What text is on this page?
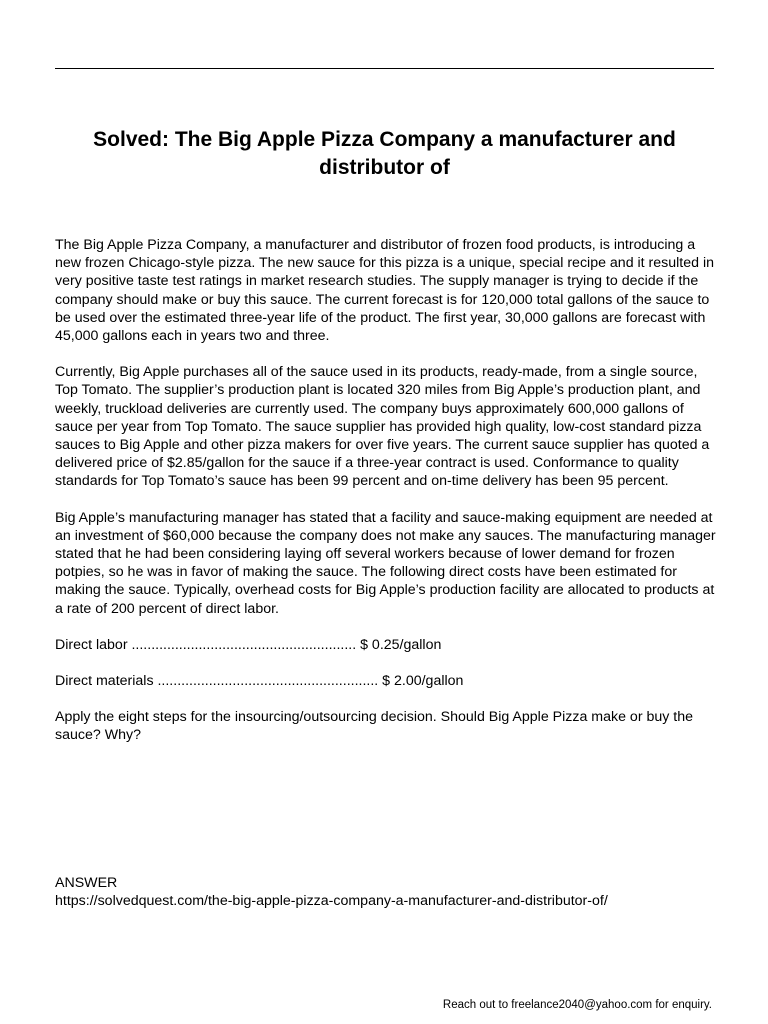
Solved: The Big Apple Pizza Company a manufacturer and distributor of

The Big Apple Pizza Company, a manufacturer and distributor of frozen food products, is introducing a new frozen Chicago-style pizza. The new sauce for this pizza is a unique, special recipe and it resulted in very positive taste test ratings in market research studies. The supply manager is trying to decide if the company should make or buy this sauce. The current forecast is for 120,000 total gallons of the sauce to be used over the estimated three-year life of the product. The first year, 30,000 gallons are forecast with 45,000 gallons each in years two and three.

Currently, Big Apple purchases all of the sauce used in its products, ready-made, from a single source, Top Tomato. The supplier’s production plant is located 320 miles from Big Apple’s production plant, and weekly, truckload deliveries are currently used. The company buys approximately 600,000 gallons of sauce per year from Top Tomato. The sauce supplier has provided high quality, low-cost standard pizza sauces to Big Apple and other pizza makers for over five years. The current sauce supplier has quoted a delivered price of $2.85/gallon for the sauce if a three-year contract is used. Conformance to quality standards for Top Tomato’s sauce has been 99 percent and on-time delivery has been 95 percent.

Big Apple’s manufacturing manager has stated that a facility and sauce-making equipment are needed at an investment of $60,000 because the company does not make any sauces. The manufacturing manager stated that he had been considering laying off several workers because of lower demand for frozen potpies, so he was in favor of making the sauce. The following direct costs have been estimated for making the sauce. Typically, overhead costs for Big Apple’s production facility are allocated to products at a rate of 200 percent of direct labor.

Direct labor ......................................................... $ 0.25/gallon

Direct materials ........................................................ $ 2.00/gallon

Apply the eight steps for the insourcing/outsourcing decision. Should Big Apple Pizza make or buy the sauce? Why?

ANSWER
https://solvedquest.com/the-big-apple-pizza-company-a-manufacturer-and-distributor-of/
Reach out to freelance2040@yahoo.com for enquiry.
